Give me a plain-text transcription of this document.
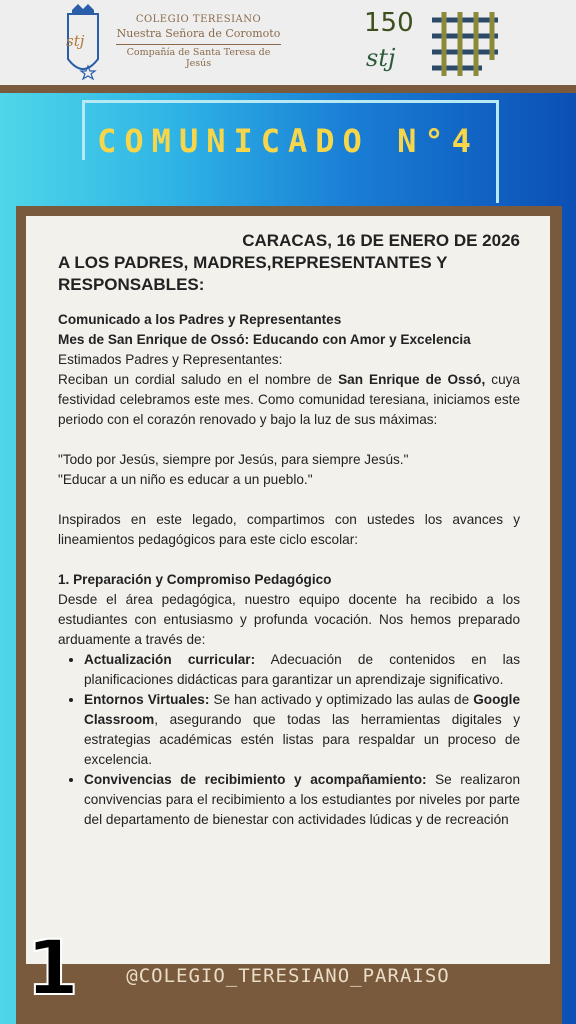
stj
COLEGIO TERESIANO
Nuestra Señora de Coromoto
Compañía de Santa Teresa de Jesús
150
stj
COMUNICADO N°4
CARACAS, 16 DE ENERO DE 2026
A LOS PADRES, MADRES,REPRESENTANTES Y RESPONSABLES:

Comunicado a los Padres y Representantes

Mes de San Enrique de Ossó: Educando con Amor y Excelencia

Estimados Padres y Representantes:

Reciban un cordial saludo en el nombre de San Enrique de Ossó, cuya festividad celebramos este mes. Como comunidad teresiana, iniciamos este periodo con el corazón renovado y bajo la luz de sus máximas:

"Todo por Jesús, siempre por Jesús, para siempre Jesús."

"Educar a un niño es educar a un pueblo."

Inspirados en este legado, compartimos con ustedes los avances y lineamientos pedagógicos para este ciclo escolar:

1. Preparación y Compromiso Pedagógico

Desde el área pedagógica, nuestro equipo docente ha recibido a los estudiantes con entusiasmo y profunda vocación. Nos hemos preparado arduamente a través de:

• Actualización curricular: Adecuación de contenidos en las planificaciones didácticas para garantizar un aprendizaje significativo.
• Entornos Virtuales: Se han activado y optimizado las aulas de Google Classroom, asegurando que todas las herramientas digitales y estrategias académicas estén listas para respaldar un proceso de excelencia.
• Convivencias de recibimiento y acompañamiento: Se realizaron convivencias para el recibimiento a los estudiantes por niveles por parte del departamento de bienestar con actividades lúdicas y de recreación
1	@COLEGIO_TERESIANO_PARAISO
